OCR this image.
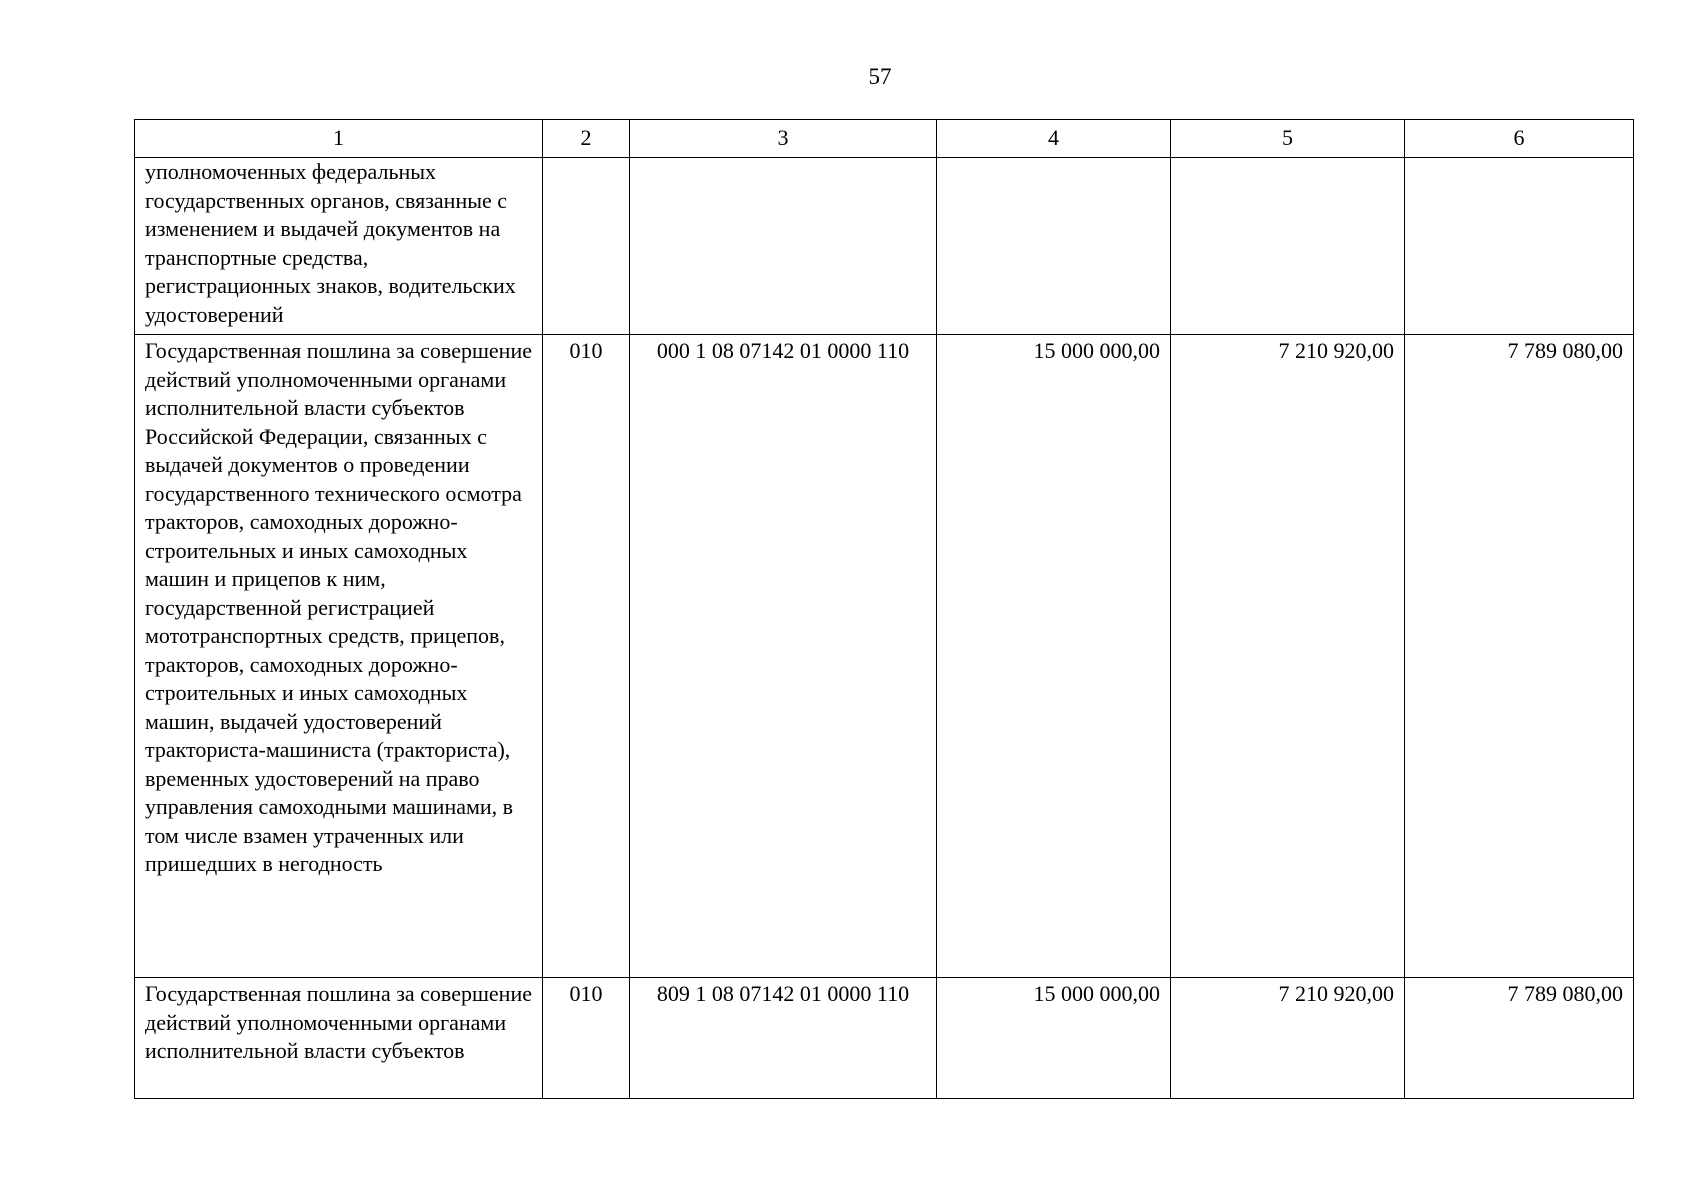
57
1	2	3	4	5	6
уполномоченных федеральных государственных органов, связанные с изменением и выдачей документов на транспортные средства, регистрационных знаков, водительских удостоверений					
Государственная пошлина за совершение действий уполномоченными органами исполнительной власти субъектов Российской Федерации, связанных с выдачей документов о проведении государственного технического осмотра тракторов, самоходных дорожно-строительных и иных самоходных машин и прицепов к ним, государственной регистрацией мототранспортных средств, прицепов, тракторов, самоходных дорожно-строительных и иных самоходных машин, выдачей удостоверений тракториста-машиниста (тракториста), временных удостоверений на право управления самоходными машинами, в том числе взамен утраченных или пришедших в негодность	010	000 1 08 07142 01 0000 110	15 000 000,00	7 210 920,00	7 789 080,00
Государственная пошлина за совершение действий уполномоченными органами исполнительной власти субъектов	010	809 1 08 07142 01 0000 110	15 000 000,00	7 210 920,00	7 789 080,00
